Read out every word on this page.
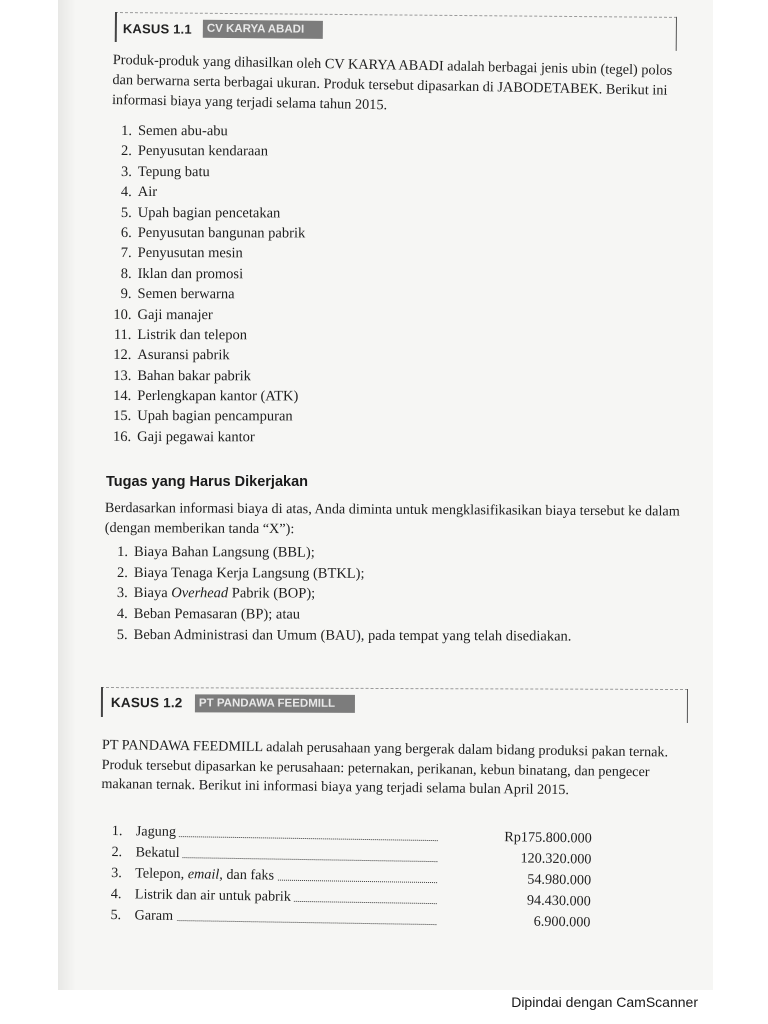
KASUS 1.1	CV KARYA ABADI

Produk-produk yang dihasilkan oleh CV KARYA ABADI adalah berbagai jenis ubin (tegel) polos dan berwarna serta berbagai ukuran. Produk tersebut dipasarkan di JABODETABEK. Berikut ini informasi biaya yang terjadi selama tahun 2015.

1. Semen abu-abu
2. Penyusutan kendaraan
3. Tepung batu
4. Air
5. Upah bagian pencetakan
6. Penyusutan bangunan pabrik
7. Penyusutan mesin
8. Iklan dan promosi
9. Semen berwarna
10. Gaji manajer
11. Listrik dan telepon
12. Asuransi pabrik
13. Bahan bakar pabrik
14. Perlengkapan kantor (ATK)
15. Upah bagian pencampuran
16. Gaji pegawai kantor
Tugas yang Harus Dikerjakan

Berdasarkan informasi biaya di atas, Anda diminta untuk mengklasifikasikan biaya tersebut ke dalam (dengan memberikan tanda “X”):

1. Biaya Bahan Langsung (BBL);
2. Biaya Tenaga Kerja Langsung (BTKL);
3. Biaya Overhead Pabrik (BOP);
4. Beban Pemasaran (BP); atau
5. Beban Administrasi dan Umum (BAU), pada tempat yang telah disediakan.
KASUS 1.2	PT PANDAWA FEEDMILL

PT PANDAWA FEEDMILL adalah perusahaan yang bergerak dalam bidang produksi pakan ternak. Produk tersebut dipasarkan ke perusahaan: peternakan, perikanan, kebun binatang, dan pengecer makanan ternak. Berikut ini informasi biaya yang terjadi selama bulan April 2015.

1. Jagung	Rp175.800.000
2. Bekatul	120.320.000
3. Telepon, email, dan faks	54.980.000
4. Listrik dan air untuk pabrik	94.430.000
5. Garam	6.900.000
Dipindai dengan CamScanner
